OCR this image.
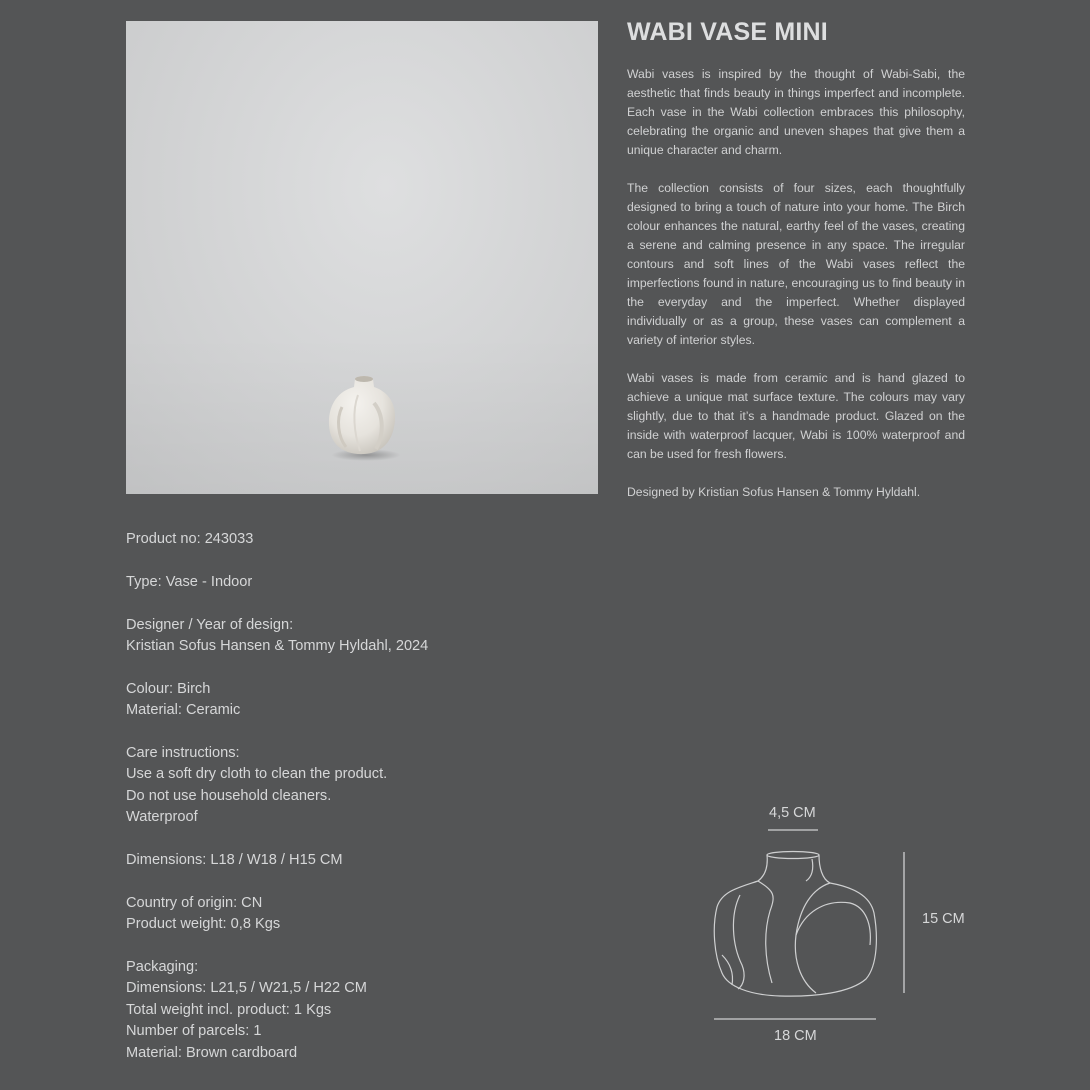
WABI VASE MINI

Wabi vases is inspired by the thought of Wabi-Sabi, the aesthetic that finds beauty in things imperfect and incomplete. Each vase in the Wabi collection embraces this philosophy, celebrating the organic and uneven shapes that give them a unique character and charm.

The collection consists of four sizes, each thoughtfully designed to bring a touch of nature into your home. The Birch colour enhances the natural, earthy feel of the vases, creating a serene and calming presence in any space. The irregular contours and soft lines of the Wabi vases reflect the imperfections found in nature, encouraging us to find beauty in the everyday and the imperfect. Whether displayed individually or as a group, these vases can complement a variety of interior styles.

Wabi vases is made from ceramic and is hand glazed to achieve a unique mat surface texture. The colours may vary slightly, due to that it’s a handmade product. Glazed on the inside with waterproof lacquer, Wabi is 100% waterproof and can be used for fresh flowers.

Designed by Kristian Sofus Hansen & Tommy Hyldahl.

Product no: 243033
Type: Vase - Indoor
Designer / Year of design:
Kristian Sofus Hansen & Tommy Hyldahl, 2024
Colour: Birch
Material: Ceramic
Care instructions:
Use a soft dry cloth to clean the product.
Do not use household cleaners.
Waterproof
Dimensions: L18 / W18 / H15 CM
Country of origin: CN
Product weight: 0,8 Kgs
Packaging:
Dimensions: L21,5 / W21,5 / H22 CM
Total weight incl. product: 1 Kgs
Number of parcels: 1
Material: Brown cardboard
4,5 CM
15 CM
18 CM
